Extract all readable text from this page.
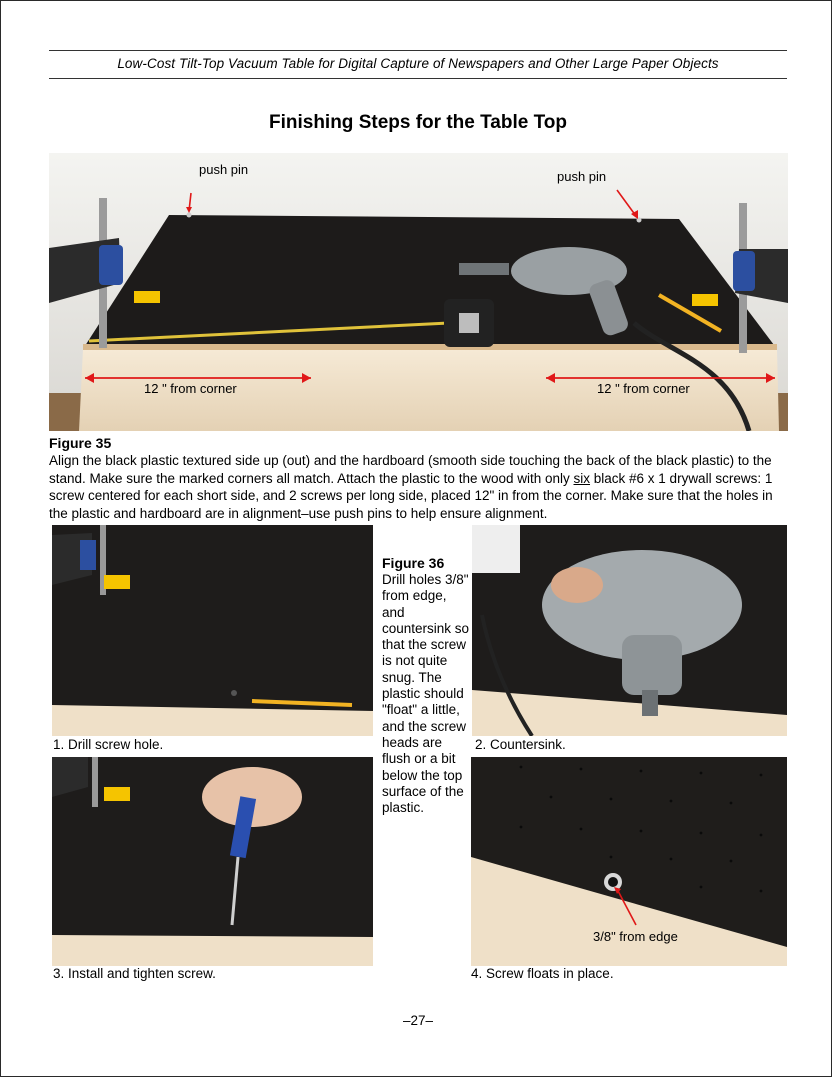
Low-Cost Tilt-Top Vacuum Table for Digital Capture of Newspapers and Other Large Paper Objects
Finishing Steps for the Table Top
push pin	push pin
12 " from corner	12 " from corner
Figure 35
Align the black plastic textured side up (out) and the hardboard (smooth side touching the back of the black plastic) to the stand. Make sure the marked corners all match. Attach the plastic to the wood with only six black #6 x 1 drywall screws: 1 screw centered for each short side, and 2 screws per long side, placed 12" in from the corner. Make sure that the holes in the plastic and hardboard are in alignment–use push pins to help ensure alignment.
1. Drill screw hole.
Figure 36
Drill holes 3/8" from edge, and countersink so that the screw is not quite snug. The plastic should "float" a little, and the screw heads are flush or a bit below the top surface of the plastic.
2. Countersink.
3. Install and tighten screw.
3/8" from edge
4. Screw floats in place.
–27–
